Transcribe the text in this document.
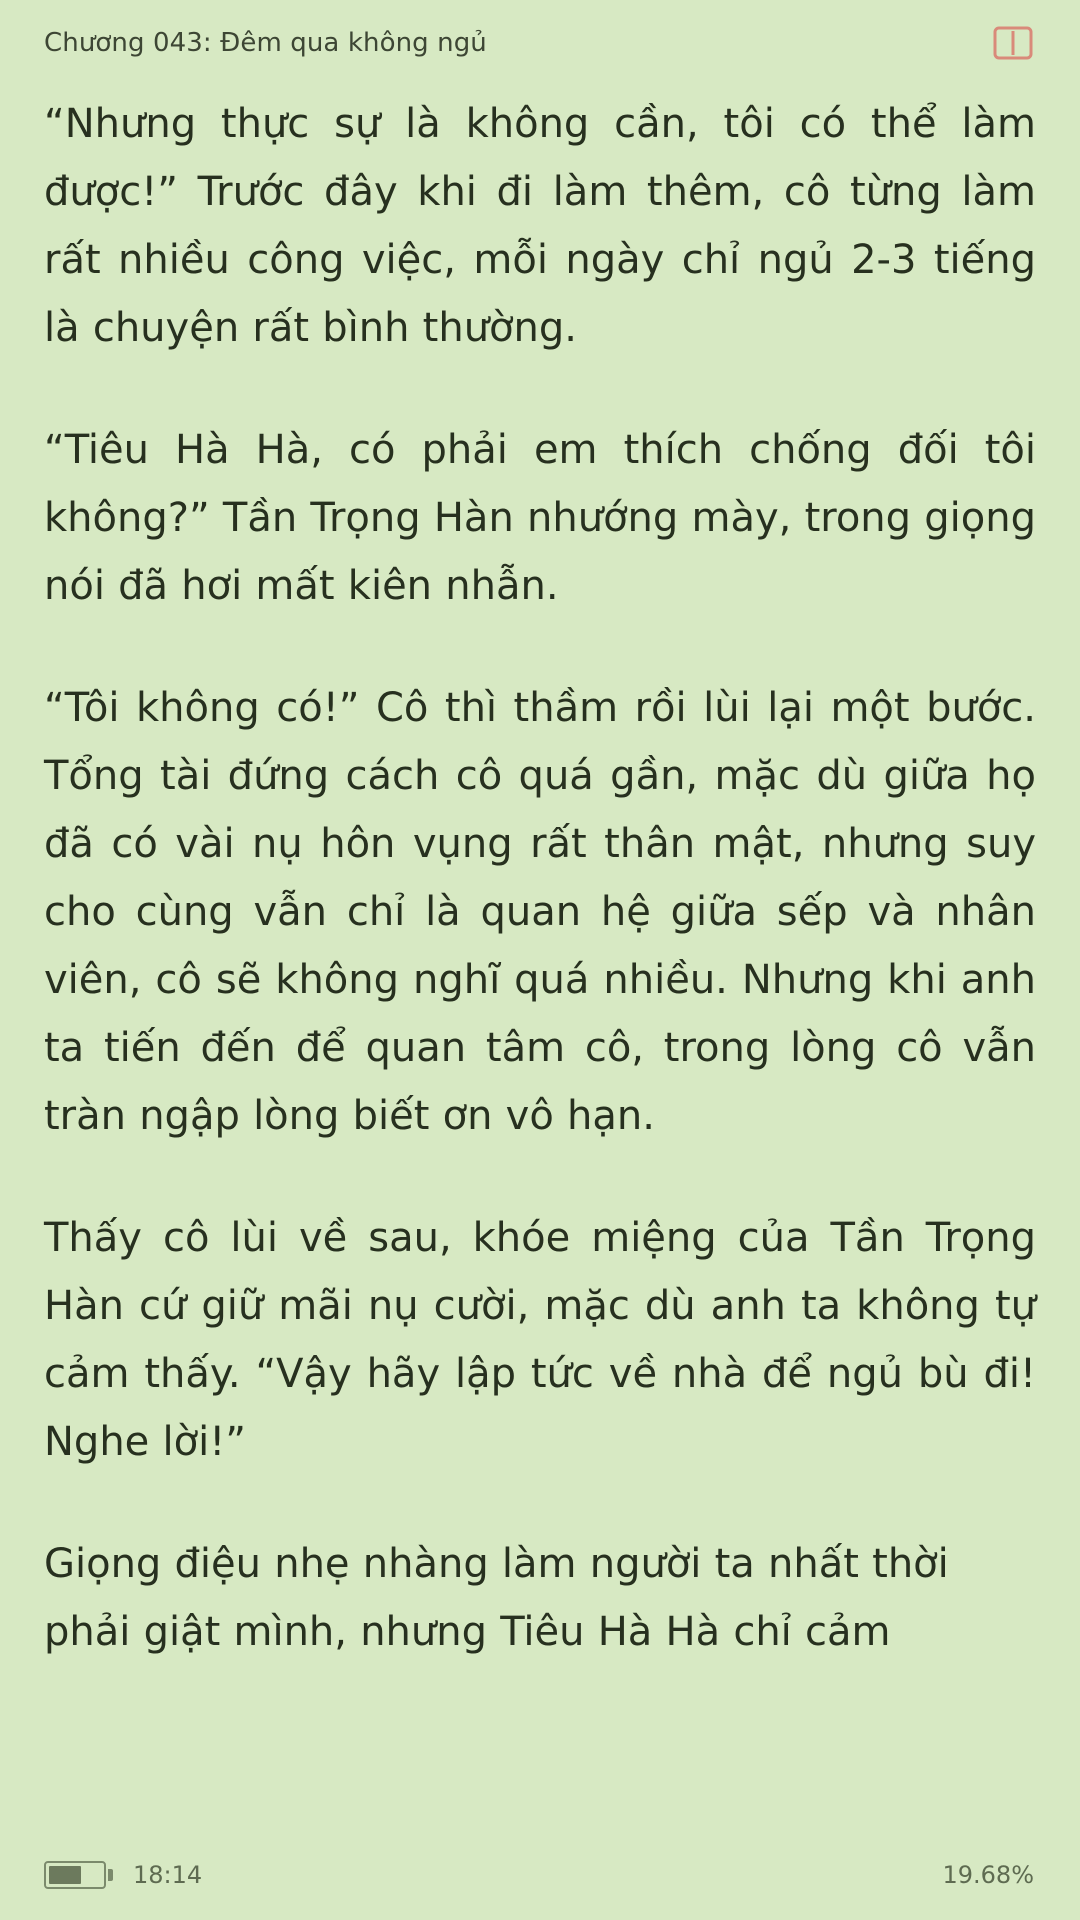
Chương 043: Đêm qua không ngủ

“Nhưng thực sự là không cần, tôi có thể làm được!” Trước đây khi đi làm thêm, cô từng làm rất nhiều công việc, mỗi ngày chỉ ngủ 2-3 tiếng là chuyện rất bình thường.

“Tiêu Hà Hà, có phải em thích chống đối tôi không?” Tần Trọng Hàn nhướng mày, trong giọng nói đã hơi mất kiên nhẫn.

“Tôi không có!” Cô thì thầm rồi lùi lại một bước. Tổng tài đứng cách cô quá gần, mặc dù giữa họ đã có vài nụ hôn vụng rất thân mật, nhưng suy cho cùng vẫn chỉ là quan hệ giữa sếp và nhân viên, cô sẽ không nghĩ quá nhiều. Nhưng khi anh ta tiến đến để quan tâm cô, trong lòng cô vẫn tràn ngập lòng biết ơn vô hạn.

Thấy cô lùi về sau, khóe miệng của Tần Trọng Hàn cứ giữ mãi nụ cười, mặc dù anh ta không tự cảm thấy. “Vậy hãy lập tức về nhà để ngủ bù đi! Nghe lời!”

Giọng điệu nhẹ nhàng làm người ta nhất thời phải giật mình, nhưng Tiêu Hà Hà chỉ cảm

18:14	19.68%
